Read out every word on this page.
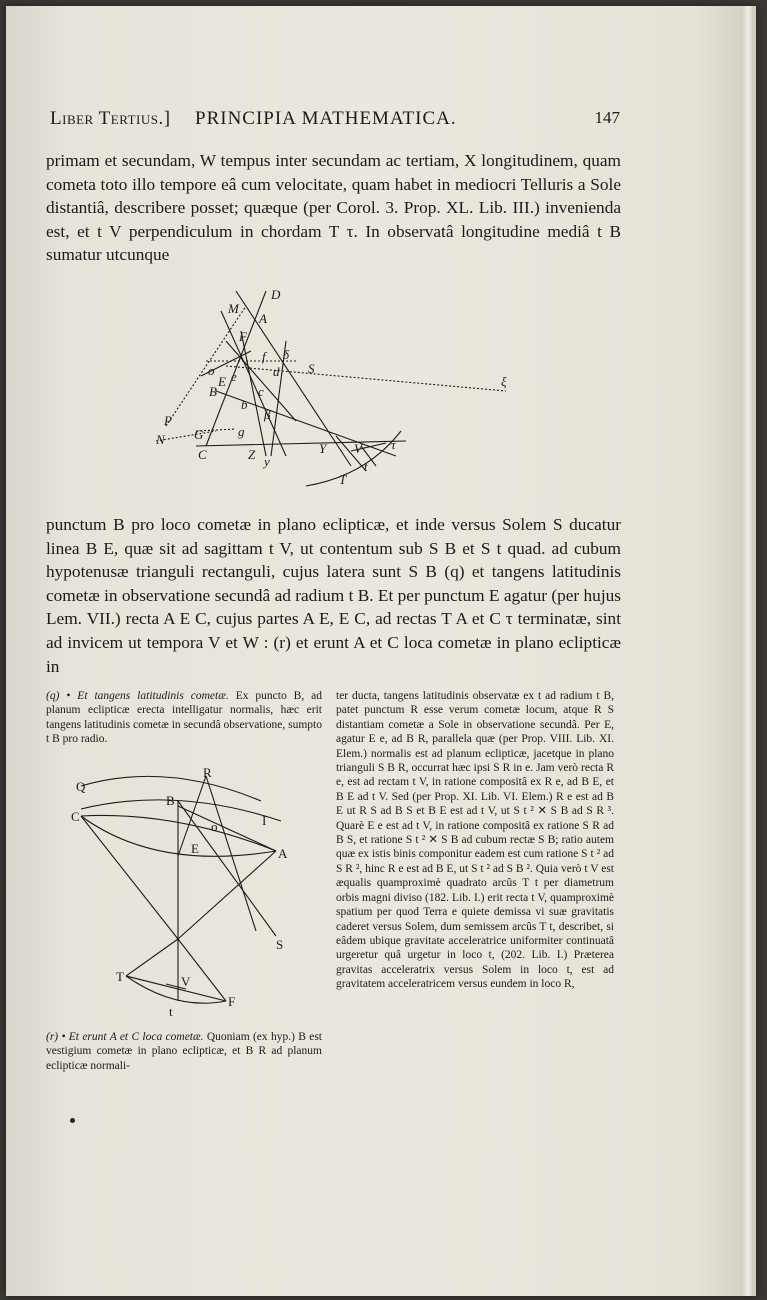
LIBER TERTIUS.] PRINCIPIA MATHEMATICA.	147

primam et secundam, W tempus inter secundam ac tertiam, X longitudinem, quam cometa toto illo tempore eâ cum velocitate, quam habet in mediocri Telluris a Sole distantiâ, describere posset; quæque (per Corol. 3. Prop. XL. Lib. III.) invenienda est, et t V perpendiculum in chordam T τ. In observatâ longitudine mediâ t B sumatur utcunque

D
M
A
F
S
ξ
B
P
N G
C	Y V
T
t
τ
Z
e
E
β
δ
b
o
c
g
y
d
f

punctum B pro loco cometæ in plano eclipticæ, et inde versus Solem S ducatur linea B E, quæ sit ad sagittam t V, ut contentum sub S B et S t quad. ad cubum hypotenusæ trianguli rectanguli, cujus latera sunt S B (q) et tangens latitudinis cometæ in observatione secundâ ad radium t B. Et per punctum E agatur (per hujus Lem. VII.) recta A E C, cujus partes A E, E C, ad rectas T A et C τ terminatæ, sint ad invicem ut tempora V et W : (r) et erunt A et C loca cometæ in plano eclipticæ in

(q) • Et tangens latitudinis cometæ. Ex puncto B, ad planum eclipticæ erecta intelligatur normalis, hæc erit tangens latitudinis cometæ in secundâ observatione, sumpto t B pro radio.

Q
R
C
B
I
E	A
o
S
T	V
F
t

(r) • Et erunt A et C loca cometæ. Quoniam (ex hyp.) B est vestigium cometæ in plano eclipticæ, et B R ad planum eclipticæ normali-

ter ducta, tangens latitudinis observatæ ex t ad radium t B, patet punctum R esse verum cometæ locum, atque R S distantiam cometæ a Sole in observatione secundâ. Per E, agatur E e, ad B R, parallela quæ (per Prop. VIII. Lib. XI. Elem.) normalis est ad planum eclipticæ, jacetque in plano trianguli S B R, occurrat hæc ipsi S R in e. Jam verò recta R e, est ad rectam t V, in ratione compositâ ex R e, ad B E, et B E ad t V. Sed (per Prop. XI. Lib. VI. Elem.) R e est ad B E ut R S ad B S et B E est ad t V, ut S t ² ✕ S B ad S R ³. Quarè E e est ad t V, in ratione compositâ ex ratione S R ad B S, et ratione S t ² ✕ S B ad cubum rectæ S B; ratio autem quæ ex istis binis componitur eadem est cum ratione S t ² ad S R ², hinc R e est ad B E, ut S t ² ad S B ². Quia verò t V est æqualis quamproximè quadrato arcûs T t per diametrum orbis magni diviso (182. Lib. I.) erit recta t V, quamproximè spatium per quod Terra e quiete demissa vi suæ gravitatis caderet versus Solem, dum semissem arcûs T t, describet, si eâdem ubique gravitate acceleratrice uniformiter continuatâ urgeretur quâ urgetur in loco t, (202. Lib. I.) Præterea gravitas acceleratrix versus Solem in loco t, est ad gravitatem acceleratricem versus eundem in loco R,
